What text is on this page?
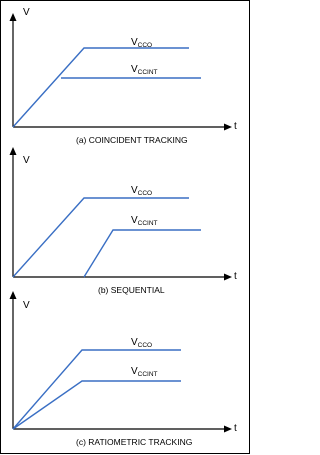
V
t
$V_{CCO}$
$V_{CCINT}$
(a) COINCIDENT TRACKING
V
t
$V_{CCO}$
$V_{CCINT}$
(b) SEQUENTIAL
V
t
$V_{CCO}$
$V_{CCINT}$
(c) RATIOMETRIC TRACKING
